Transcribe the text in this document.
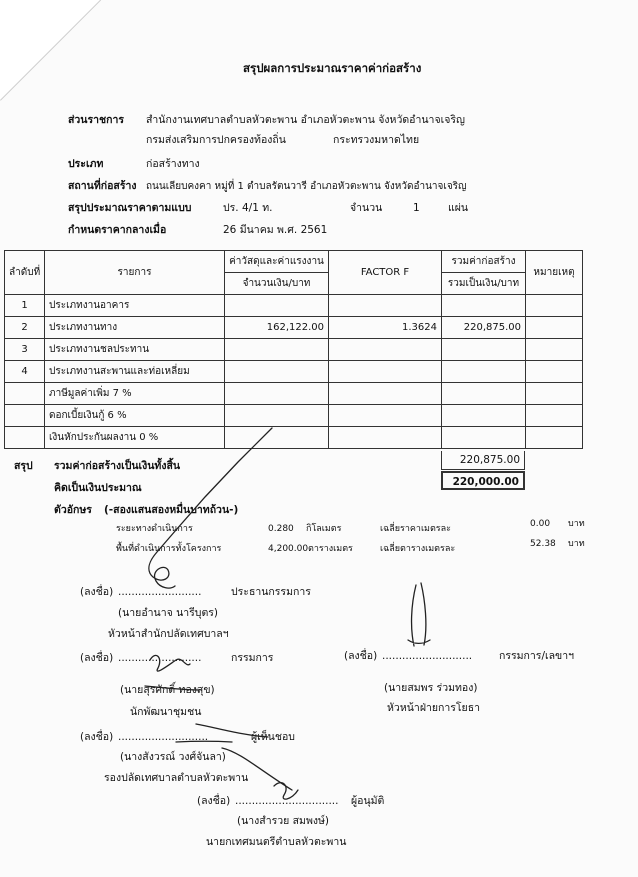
สรุปผลการประมาณราคาค่าก่อสร้าง
ส่วนราชการ สำนักงานเทศบาลตำบลหัวตะพาน อำเภอหัวตะพาน จังหวัดอำนาจเจริญ
กรมส่งเสริมการปกครองท้องถิ่น	กระทรวงมหาดไทย
ประเภท	ก่อสร้างทาง
สถานที่ก่อสร้าง ถนนเลียบคงคา หมู่ที่ 1 ตำบลรัตนวารี อำเภอหัวตะพาน จังหวัดอำนาจเจริญ
สรุปประมาณราคาตามแบบ	ปร. 4/1 ท.	จำนวน	1	แผ่น
กำหนดราคากลางเมื่อ	26 มีนาคม พ.ศ. 2561
ลำดับที่	รายการ	ค่าวัสดุและค่าแรงงาน	FACTOR F	รวมค่าก่อสร้าง	หมายเหตุ
		จำนวนเงิน/บาท		รวมเป็นเงิน/บาท	
1	ประเภทงานอาคาร				
2	ประเภทงานทาง	162,122.00	1.3624	220,875.00	
3	ประเภทงานชลประทาน				
4	ประเภทงานสะพานและท่อเหลี่ยม				
	ภาษีมูลค่าเพิ่ม 7 %				
	ดอกเบี้ยเงินกู้ 6 %				
	เงินหักประกันผลงาน 0 %				
สรุป รวมค่าก่อสร้างเป็นเงินทั้งสิ้น	220,875.00
คิดเป็นเงินประมาณ	220,000.00
ตัวอักษร (-สองแสนสองหมื่นบาทถ้วน-)
ระยะทางดำเนินการ	0.280 กิโลเมตร	เฉลี่ยราคาเมตรละ	0.00 บาท
พื้นที่ดำเนินการทั้งโครงการ	4,200.00 ตารางเมตร	เฉลี่ยตารางเมตรละ	52.38 บาท
(ลงชื่อ) .........................	ประธานกรรมการ
(นายอำนาจ นารีบุตร)
หัวหน้าสำนักปลัดเทศบาลฯ
(ลงชื่อ) .........................	กรรมการ
(นายสุรศักดิ์ ทองสุข)
นักพัฒนาชุมชน
(ลงชื่อ) ...........................	กรรมการ/เลขาฯ
(นายสมพร ร่วมทอง)
หัวหน้าฝ่ายการโยธา
(ลงชื่อ) ...........................	ผู้เห็นชอบ
(นางสังวรณ์ วงศ์จันลา)
รองปลัดเทศบาลตำบลหัวตะพาน
(ลงชื่อ) ............................... ผู้อนุมัติ
(นางสำรวย สมพงษ์)
นายกเทศมนตรีตำบลหัวตะพาน
